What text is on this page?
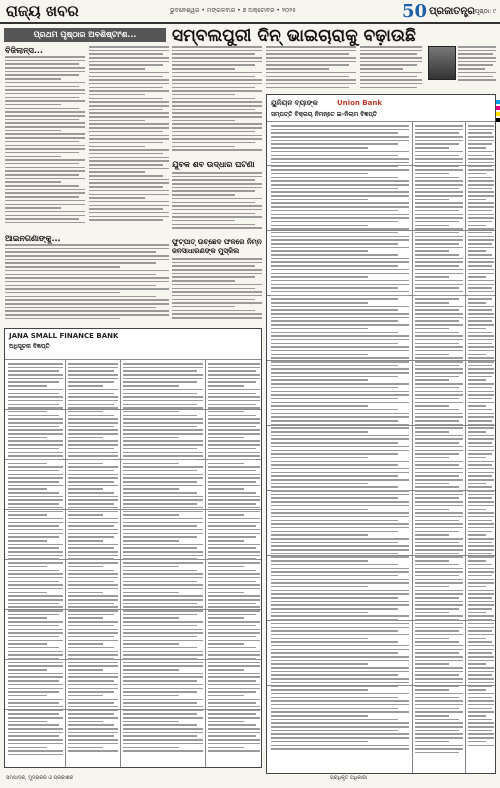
ରାଜ୍ୟ ଖବର	ଭୁବନେଶ୍ୱର • ମଙ୍ଗଳବାର • ୭ ଅକ୍ଟୋବର • ୨୦୨୫	50 ପ୍ରଜାତନ୍ତ୍ର ପୃଷ୍ଠା: ୯
ପ୍ରଥମ ପୃଷ୍ଠାର ଅବଶିଷ୍ଟାଂଶ...
ବିଜିଲାନ୍ସ...
ଆଇନଗଣାଙ୍କୁ...
ସମ୍ବଲପୁରୀ ଦିନ୍ ଭାଇଚାରାକୁ ବଢ଼ାଉଛି
ଯୁବକ ଶବ ଉଦ୍ଧାର ଘଟଣା
ଫୁଟ୍ପାତ୍ ଉଚ୍ଛେଦ ଫଳରେ ନିମ୍ନ ଜନସାଧାରଣଙ୍କ ମୁସ୍କିଲ
ୟୁନିୟନ ବ୍ୟାଙ୍କ	Union Bank
ସମ୍ପତ୍ତି ବିକ୍ରୟ ନିମନ୍ତେ ଇ-ନିଲାମ ବିଜ୍ଞପ୍ତି
JANA SMALL FINANCE BANK
ଅଧିସୂଚନା ବିଜ୍ଞପ୍ତି
ସମ୍ପାଦକ, ମୁଦ୍ରାକର ଓ ପ୍ରକାଶକ	ପ୍ରାଧିକୃତ ଅଧିକାରୀ
